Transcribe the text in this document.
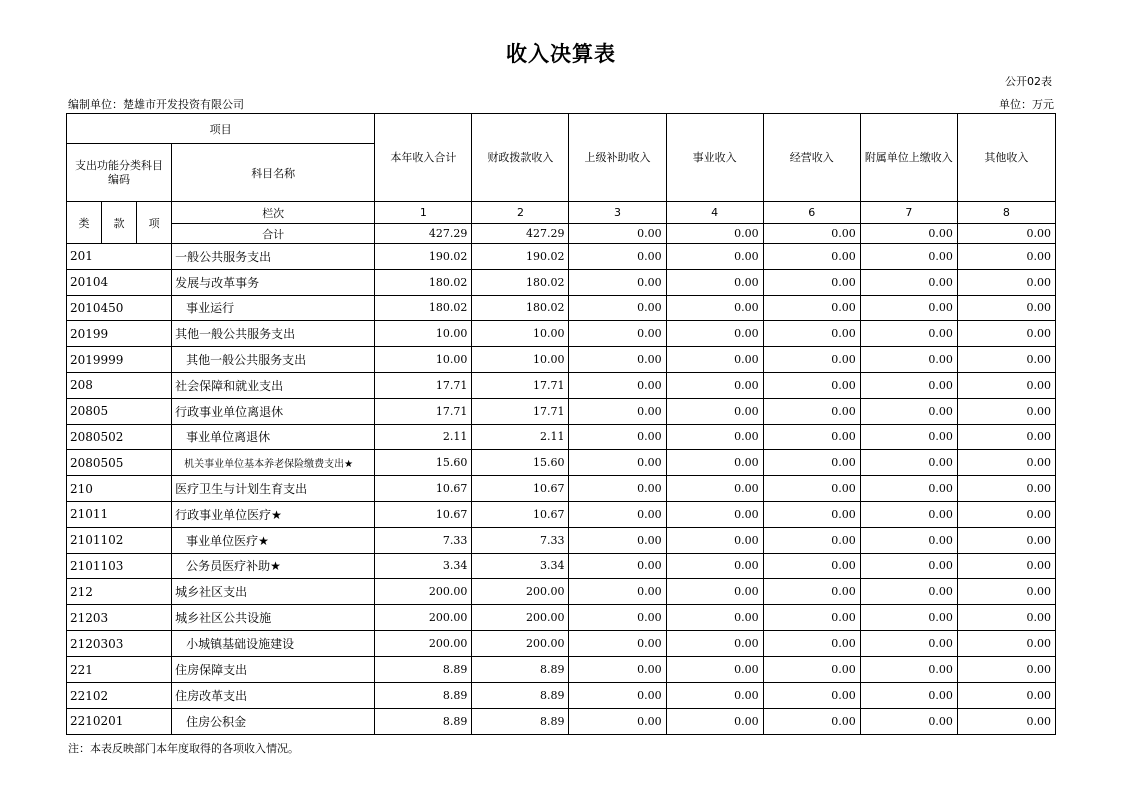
收入决算表
公开02表
编制单位：楚雄市开发投资有限公司	单位：万元
项目				本年收入合计	财政拨款收入	上级补助收入	事业收入	经营收入	附属单位上缴收入	其他收入
支出功能分类科目编码			科目名称							

类	款	项	栏次	1	2	3	4	6	7	8
			合计	427.29	427.29	0.00	0.00	0.00	0.00	0.00
201			一般公共服务支出	190.02	190.02	0.00	0.00	0.00	0.00	0.00
20104			发展与改革事务	180.02	180.02	0.00	0.00	0.00	0.00	0.00
2010450			事业运行	180.02	180.02	0.00	0.00	0.00	0.00	0.00
20199			其他一般公共服务支出	10.00	10.00	0.00	0.00	0.00	0.00	0.00
2019999			其他一般公共服务支出	10.00	10.00	0.00	0.00	0.00	0.00	0.00
208			社会保障和就业支出	17.71	17.71	0.00	0.00	0.00	0.00	0.00
20805			行政事业单位离退休	17.71	17.71	0.00	0.00	0.00	0.00	0.00
2080502			事业单位离退休	2.11	2.11	0.00	0.00	0.00	0.00	0.00
2080505			机关事业单位基本养老保险缴费支出★	15.60	15.60	0.00	0.00	0.00	0.00	0.00
210			医疗卫生与计划生育支出	10.67	10.67	0.00	0.00	0.00	0.00	0.00
21011			行政事业单位医疗★	10.67	10.67	0.00	0.00	0.00	0.00	0.00
2101102			事业单位医疗★	7.33	7.33	0.00	0.00	0.00	0.00	0.00
2101103			公务员医疗补助★	3.34	3.34	0.00	0.00	0.00	0.00	0.00
212			城乡社区支出	200.00	200.00	0.00	0.00	0.00	0.00	0.00
21203			城乡社区公共设施	200.00	200.00	0.00	0.00	0.00	0.00	0.00
2120303			小城镇基础设施建设	200.00	200.00	0.00	0.00	0.00	0.00	0.00
221			住房保障支出	8.89	8.89	0.00	0.00	0.00	0.00	0.00
22102			住房改革支出	8.89	8.89	0.00	0.00	0.00	0.00	0.00
2210201			住房公积金	8.89	8.89	0.00	0.00	0.00	0.00	0.00
注：本表反映部门本年度取得的各项收入情况。
